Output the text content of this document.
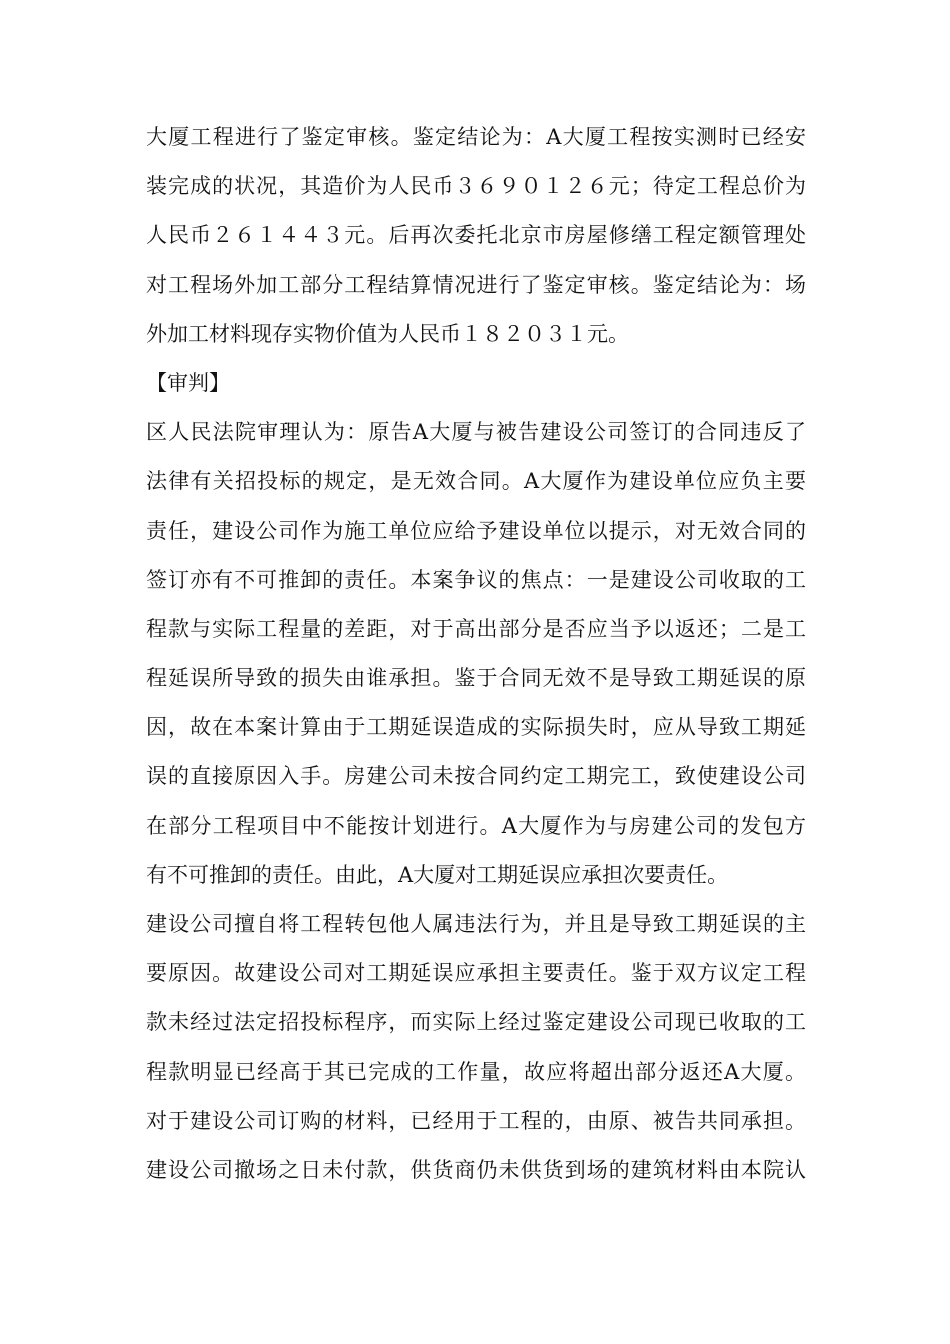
大厦工程进行了鉴定审核。鉴定结论为：A大厦工程按实测时已经安
装完成的状况，其造价为人民币３６９０１２６元；待定工程总价为
人民币２６１４４３元。后再次委托北京市房屋修缮工程定额管理处
对工程场外加工部分工程结算情况进行了鉴定审核。鉴定结论为：场
外加工材料现存实物价值为人民币１８２０３１元。
【审判】
区人民法院审理认为：原告A大厦与被告建设公司签订的合同违反了
法律有关招投标的规定，是无效合同。A大厦作为建设单位应负主要
责任，建设公司作为施工单位应给予建设单位以提示，对无效合同的
签订亦有不可推卸的责任。本案争议的焦点：一是建设公司收取的工
程款与实际工程量的差距，对于高出部分是否应当予以返还；二是工
程延误所导致的损失由谁承担。鉴于合同无效不是导致工期延误的原
因，故在本案计算由于工期延误造成的实际损失时，应从导致工期延
误的直接原因入手。房建公司未按合同约定工期完工，致使建设公司
在部分工程项目中不能按计划进行。A大厦作为与房建公司的发包方
有不可推卸的责任。由此，A大厦对工期延误应承担次要责任。
建设公司擅自将工程转包他人属违法行为，并且是导致工期延误的主
要原因。故建设公司对工期延误应承担主要责任。鉴于双方议定工程
款未经过法定招投标程序，而实际上经过鉴定建设公司现已收取的工
程款明显已经高于其已完成的工作量，故应将超出部分返还A大厦。
对于建设公司订购的材料，已经用于工程的，由原、被告共同承担。
建设公司撤场之日未付款，供货商仍未供货到场的建筑材料由本院认
